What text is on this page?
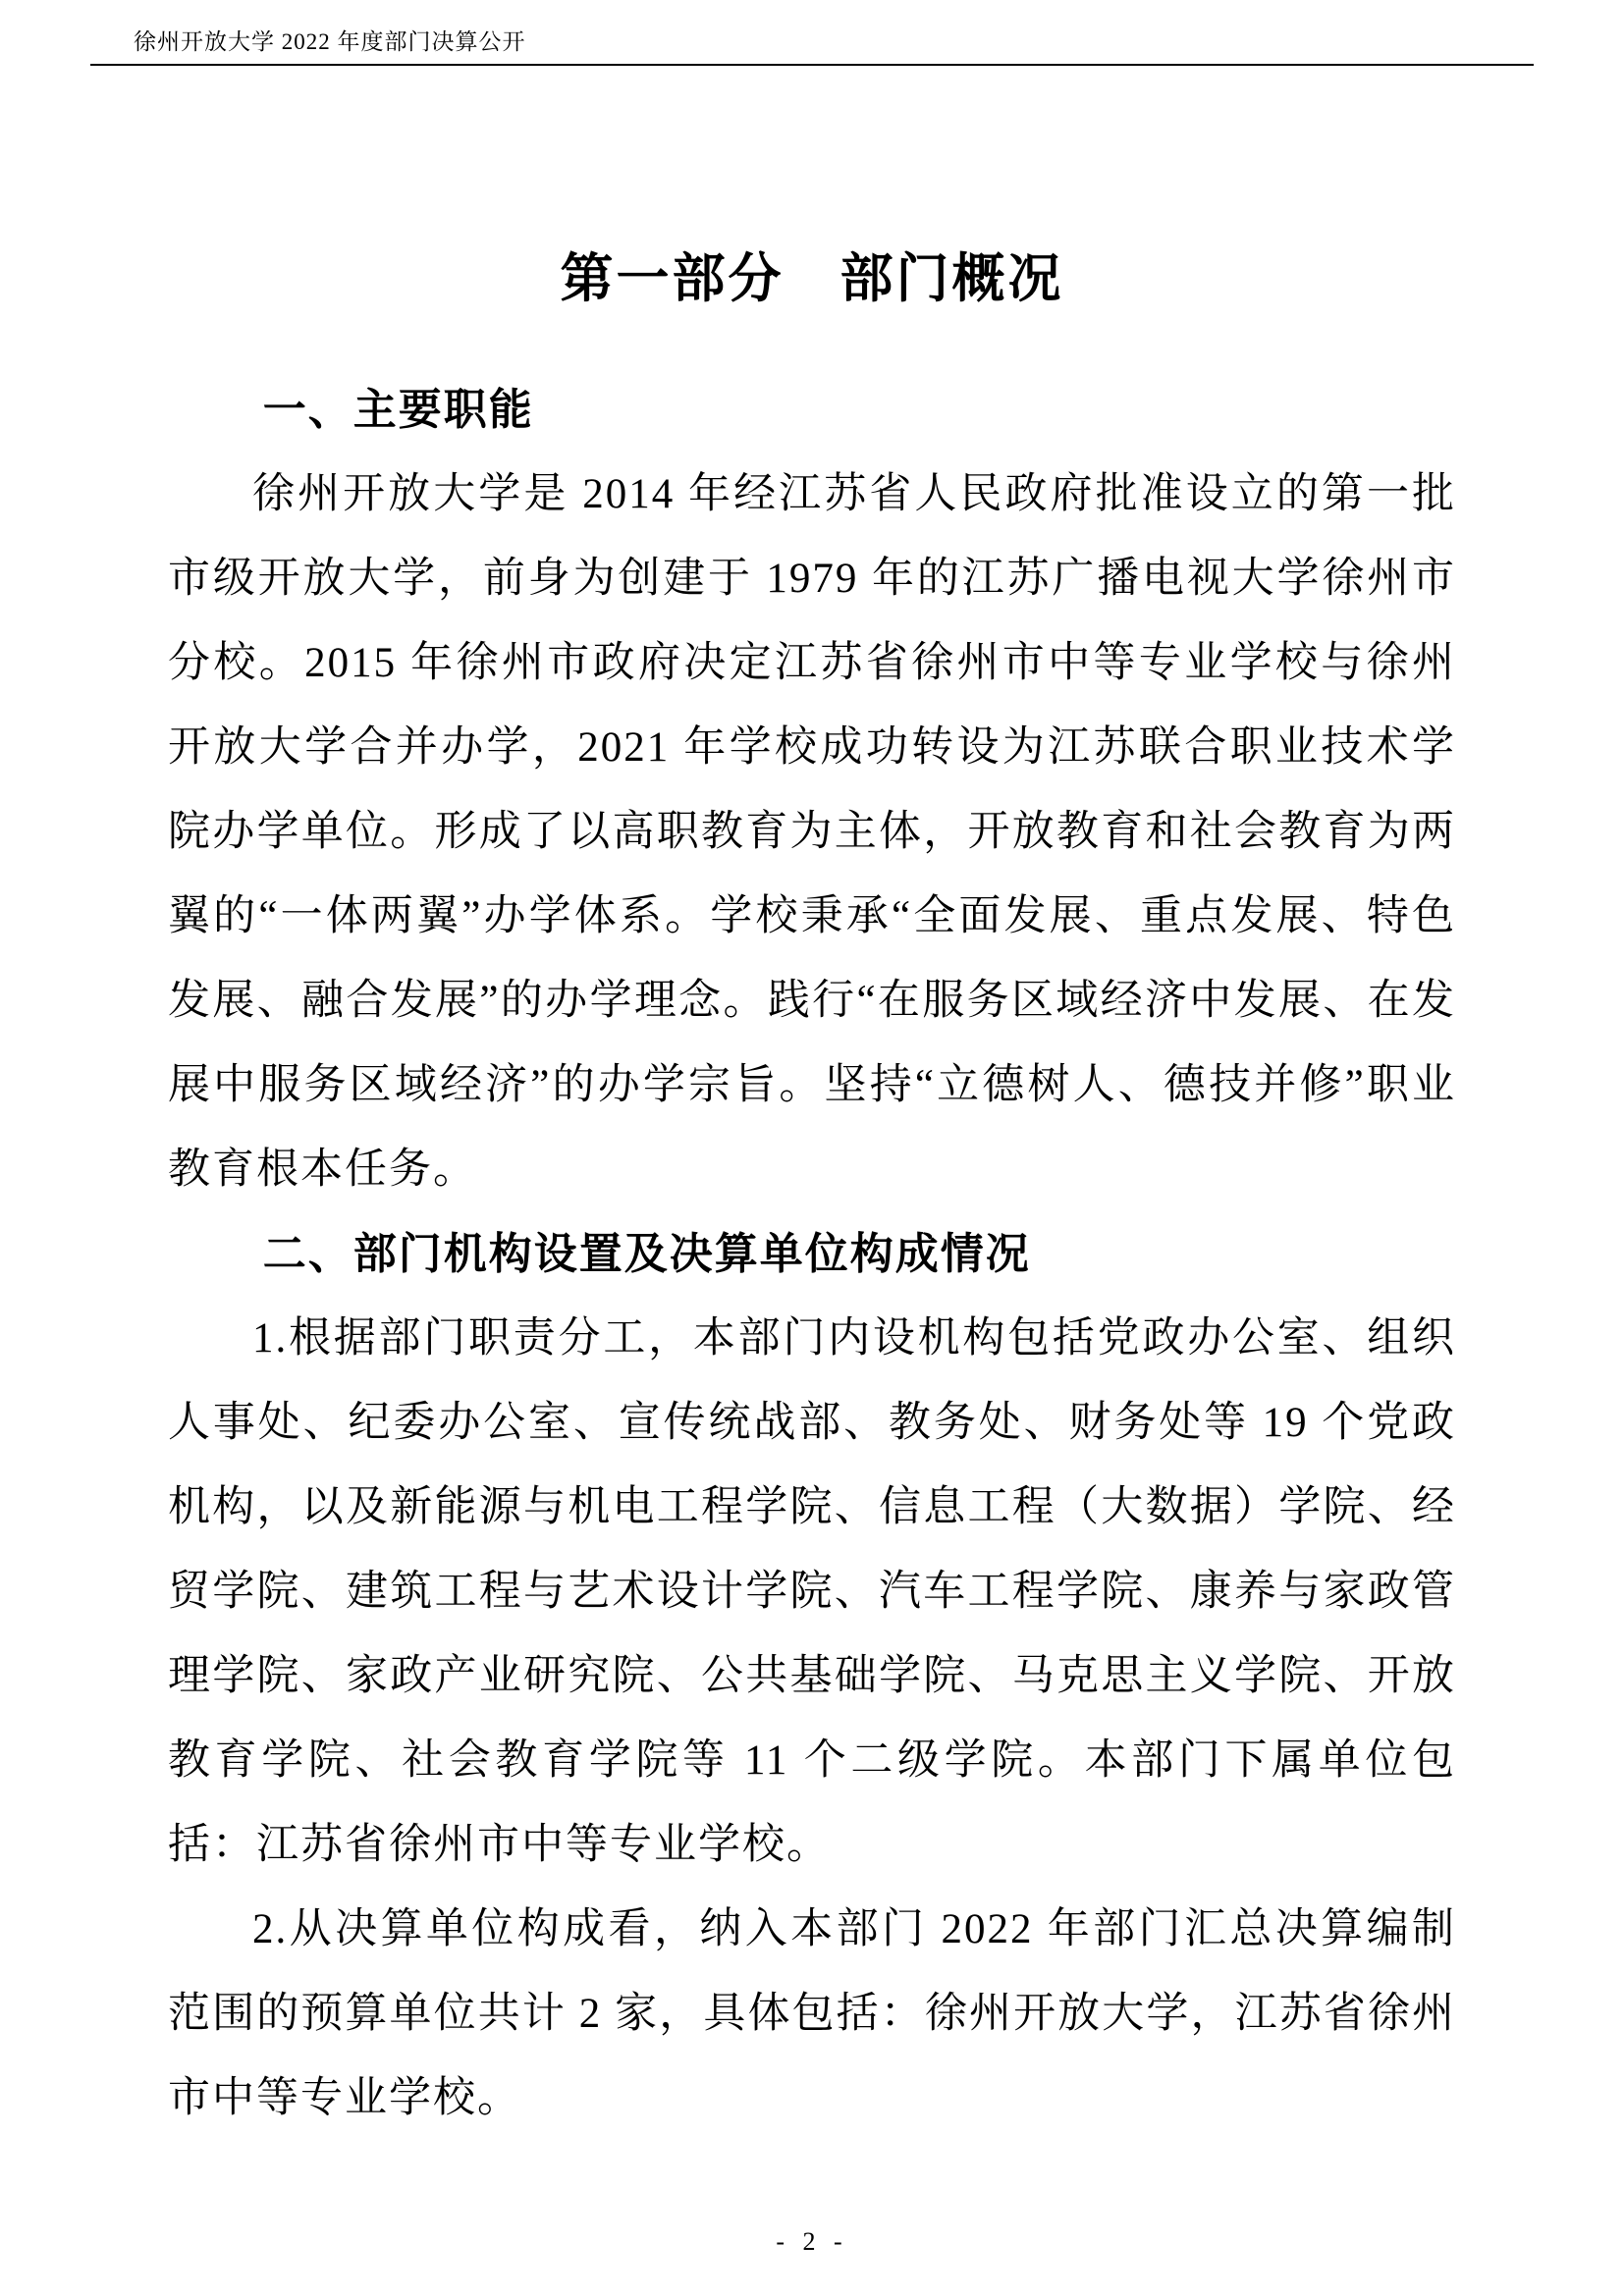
徐州开放大学 2022 年度部门决算公开
第一部分　部门概况
一、主要职能

徐州开放大学是 2014 年经江苏省人民政府批准设立的第一批市级开放大学，前身为创建于 1979 年的江苏广播电视大学徐州市分校。2015 年徐州市政府决定江苏省徐州市中等专业学校与徐州开放大学合并办学，2021 年学校成功转设为江苏联合职业技术学院办学单位。形成了以高职教育为主体，开放教育和社会教育为两翼的“一体两翼”办学体系。学校秉承“全面发展、重点发展、特色发展、融合发展”的办学理念。践行“在服务区域经济中发展、在发展中服务区域经济”的办学宗旨。坚持“立德树人、德技并修”职业教育根本任务。

二、部门机构设置及决算单位构成情况

1.根据部门职责分工，本部门内设机构包括党政办公室、组织人事处、纪委办公室、宣传统战部、教务处、财务处等 19 个党政机构，以及新能源与机电工程学院、信息工程（大数据）学院、经贸学院、建筑工程与艺术设计学院、汽车工程学院、康养与家政管理学院、家政产业研究院、公共基础学院、马克思主义学院、开放教育学院、社会教育学院等 11 个二级学院。本部门下属单位包括：江苏省徐州市中等专业学校。

2.从决算单位构成看，纳入本部门 2022 年部门汇总决算编制范围的预算单位共计 2 家，具体包括：徐州开放大学，江苏省徐州市中等专业学校。

- 2 -
